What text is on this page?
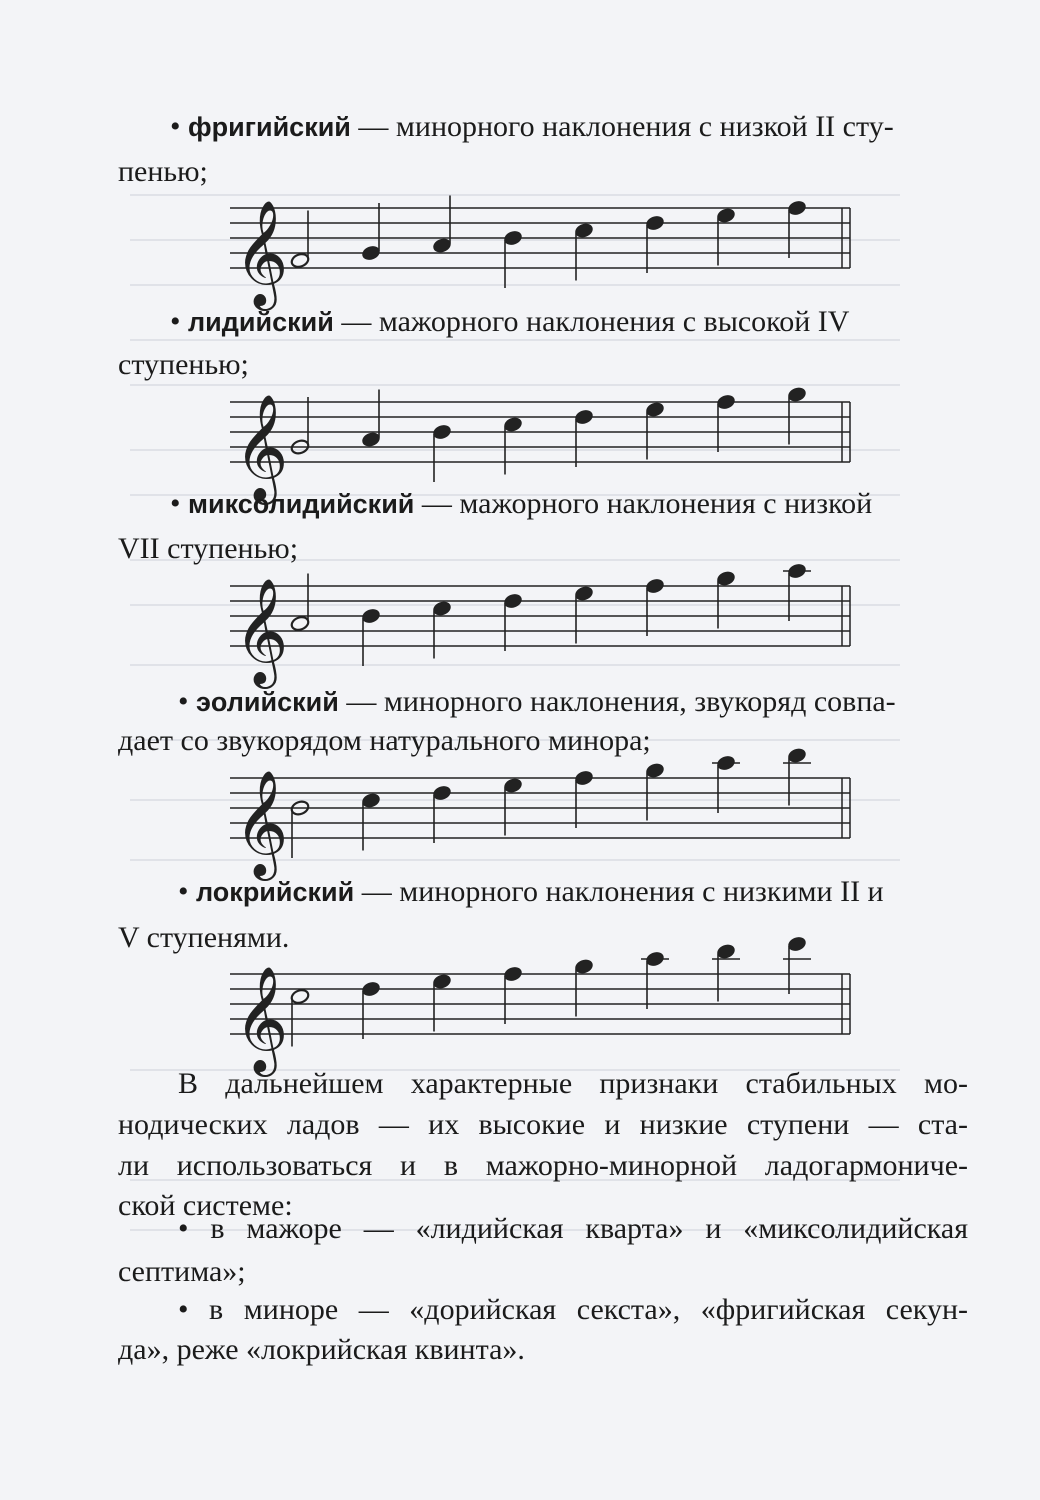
• фригийский — минорного наклонения с низкой II сту-

пенью;

𝄞

• лидийский — мажорного наклонения с высокой IV

ступенью;

𝄞

• миксолидийский — мажорного наклонения с низкой

VII ступенью;

𝄞

• эолийский — минорного наклонения, звукоряд совпа-

дает со звукорядом натурального минора;

𝄞

• локрийский — минорного наклонения с низкими II и

V ступенями.

𝄞

В дальнейшем характерные признаки стабильных мо-

нодических ладов — их высокие и низкие ступени — ста-

ли использоваться и в мажорно-минорной ладогармониче-

ской системе:

• в мажоре — «лидийская кварта» и «миксолидийская

септима»;

• в миноре — «дорийская секста», «фригийская секун-

да», реже «локрийская квинта».
